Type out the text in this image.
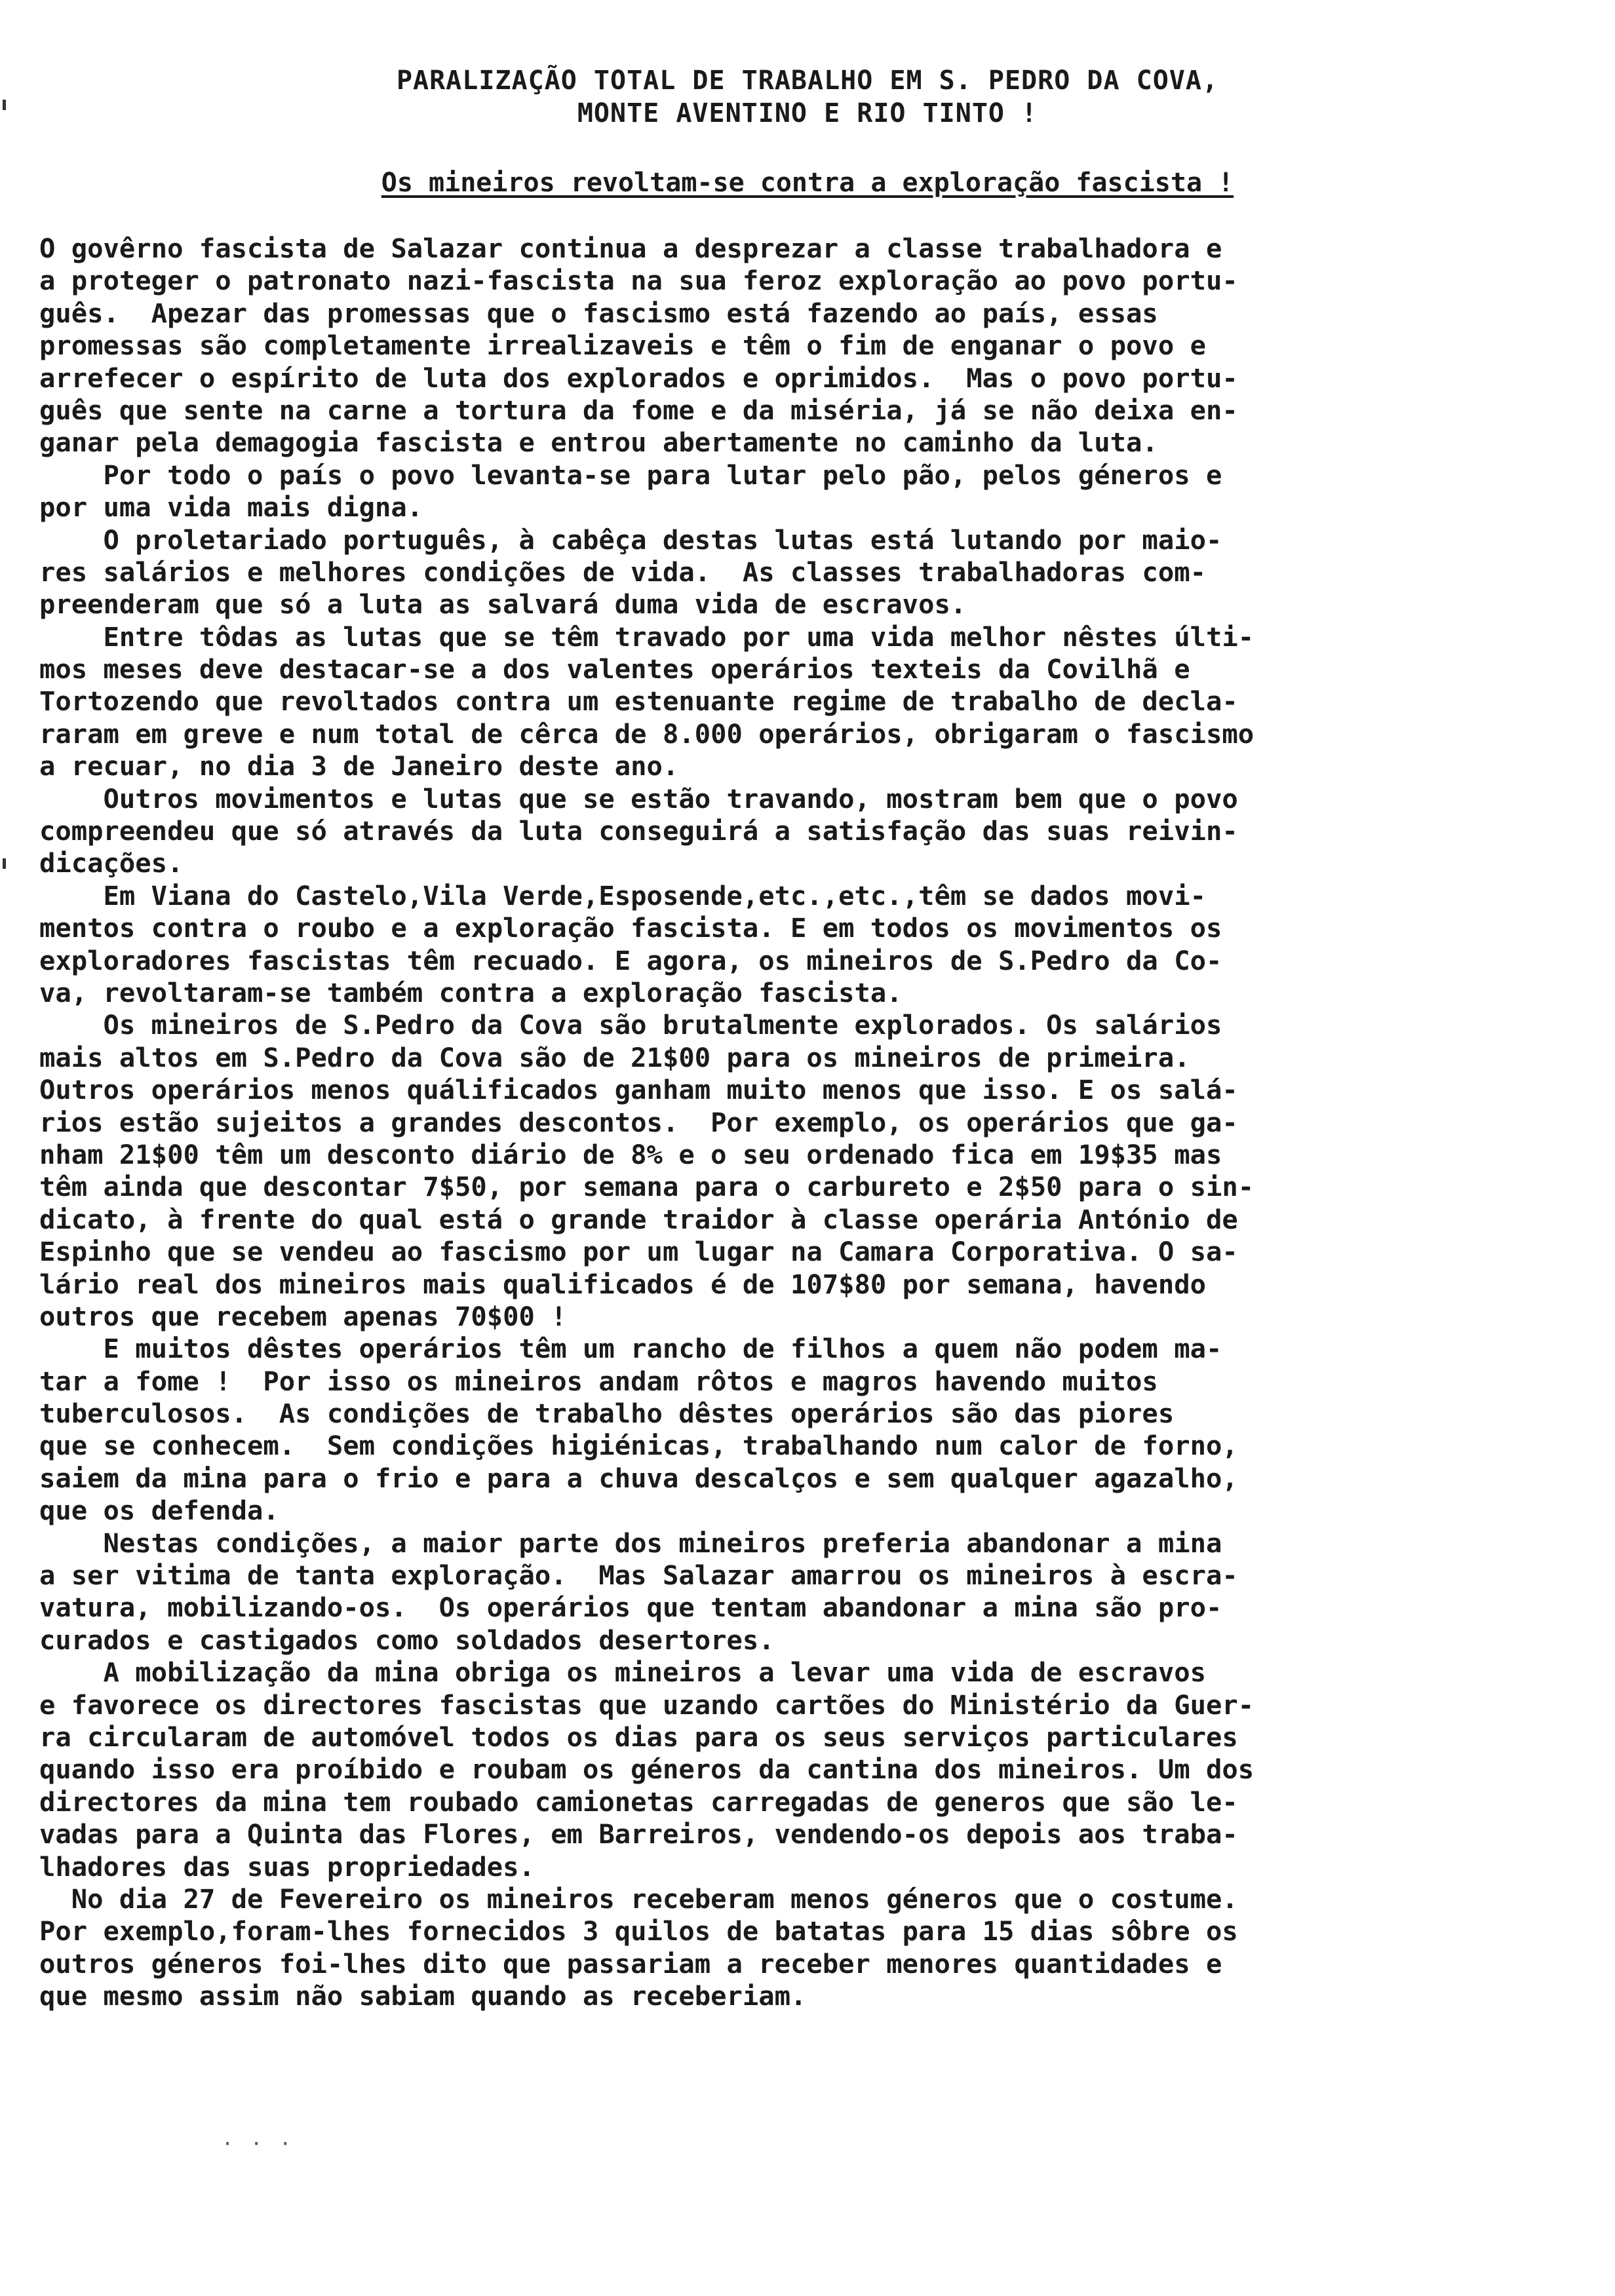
PARALIZAÇÃO TOTAL DE TRABALHO EM S. PEDRO DA COVA,
MONTE AVENTINO E RIO TINTO !
Os mineiros revoltam-se contra a exploração fascista !
O govêrno fascista de Salazar continua a desprezar a classe trabalhadora e
a proteger o patronato nazi-fascista na sua feroz exploração ao povo portu-
guês.  Apezar das promessas que o fascismo está fazendo ao país, essas
promessas são completamente irrealizaveis e têm o fim de enganar o povo e
arrefecer o espírito de luta dos explorados e oprimidos.  Mas o povo portu-
guês que sente na carne a tortura da fome e da miséria, já se não deixa en-
ganar pela demagogia fascista e entrou abertamente no caminho da luta.
Por todo o país o povo levanta-se para lutar pelo pão, pelos géneros e
por uma vida mais digna.
O proletariado português, à cabêça destas lutas está lutando por maio-
res salários e melhores condições de vida.  As classes trabalhadoras com-
preenderam que só a luta as salvará duma vida de escravos.
Entre tôdas as lutas que se têm travado por uma vida melhor nêstes últi-
mos meses deve destacar-se a dos valentes operários texteis da Covilhã e
Tortozendo que revoltados contra um estenuante regime de trabalho de decla-
raram em greve e num total de cêrca de 8.000 operários, obrigaram o fascismo
a recuar, no dia 3 de Janeiro deste ano.
Outros movimentos e lutas que se estão travando, mostram bem que o povo
compreendeu que só através da luta conseguirá a satisfação das suas reivin-
dicações.
Em Viana do Castelo,Vila Verde,Esposende,etc.,etc.,têm se dados movi-
mentos contra o roubo e a exploração fascista. E em todos os movimentos os
exploradores fascistas têm recuado. E agora, os mineiros de S.Pedro da Co-
va, revoltaram-se também contra a exploração fascista.
Os mineiros de S.Pedro da Cova são brutalmente explorados. Os salários
mais altos em S.Pedro da Cova são de 21$00 para os mineiros de primeira.
Outros operários menos quálificados ganham muito menos que isso. E os salá-
rios estão sujeitos a grandes descontos.  Por exemplo, os operários que ga-
nham 21$00 têm um desconto diário de 8% e o seu ordenado fica em 19$35 mas
têm ainda que descontar 7$50, por semana para o carbureto e 2$50 para o sin-
dicato, à frente do qual está o grande traidor à classe operária António de
Espinho que se vendeu ao fascismo por um lugar na Camara Corporativa. O sa-
lário real dos mineiros mais qualificados é de 107$80 por semana, havendo
outros que recebem apenas 70$00 !
E muitos dêstes operários têm um rancho de filhos a quem não podem ma-
tar a fome !  Por isso os mineiros andam rôtos e magros havendo muitos
tuberculosos.  As condições de trabalho dêstes operários são das piores
que se conhecem.  Sem condições higiénicas, trabalhando num calor de forno,
saiem da mina para o frio e para a chuva descalços e sem qualquer agazalho,
que os defenda.
Nestas condições, a maior parte dos mineiros preferia abandonar a mina
a ser vitima de tanta exploração.  Mas Salazar amarrou os mineiros à escra-
vatura, mobilizando-os.  Os operários que tentam abandonar a mina são pro-
curados e castigados como soldados desertores.
A mobilização da mina obriga os mineiros a levar uma vida de escravos
e favorece os directores fascistas que uzando cartões do Ministério da Guer-
ra circularam de automóvel todos os dias para os seus serviços particulares
quando isso era proíbido e roubam os géneros da cantina dos mineiros. Um dos
directores da mina tem roubado camionetas carregadas de generos que são le-
vadas para a Quinta das Flores, em Barreiros, vendendo-os depois aos traba-
lhadores das suas propriedades.
No dia 27 de Fevereiro os mineiros receberam menos géneros que o costume.
Por exemplo,foram-lhes fornecidos 3 quilos de batatas para 15 dias sôbre os
outros géneros foi-lhes dito que passariam a receber menores quantidades e
que mesmo assim não sabiam quando as receberiam.
· · ·
